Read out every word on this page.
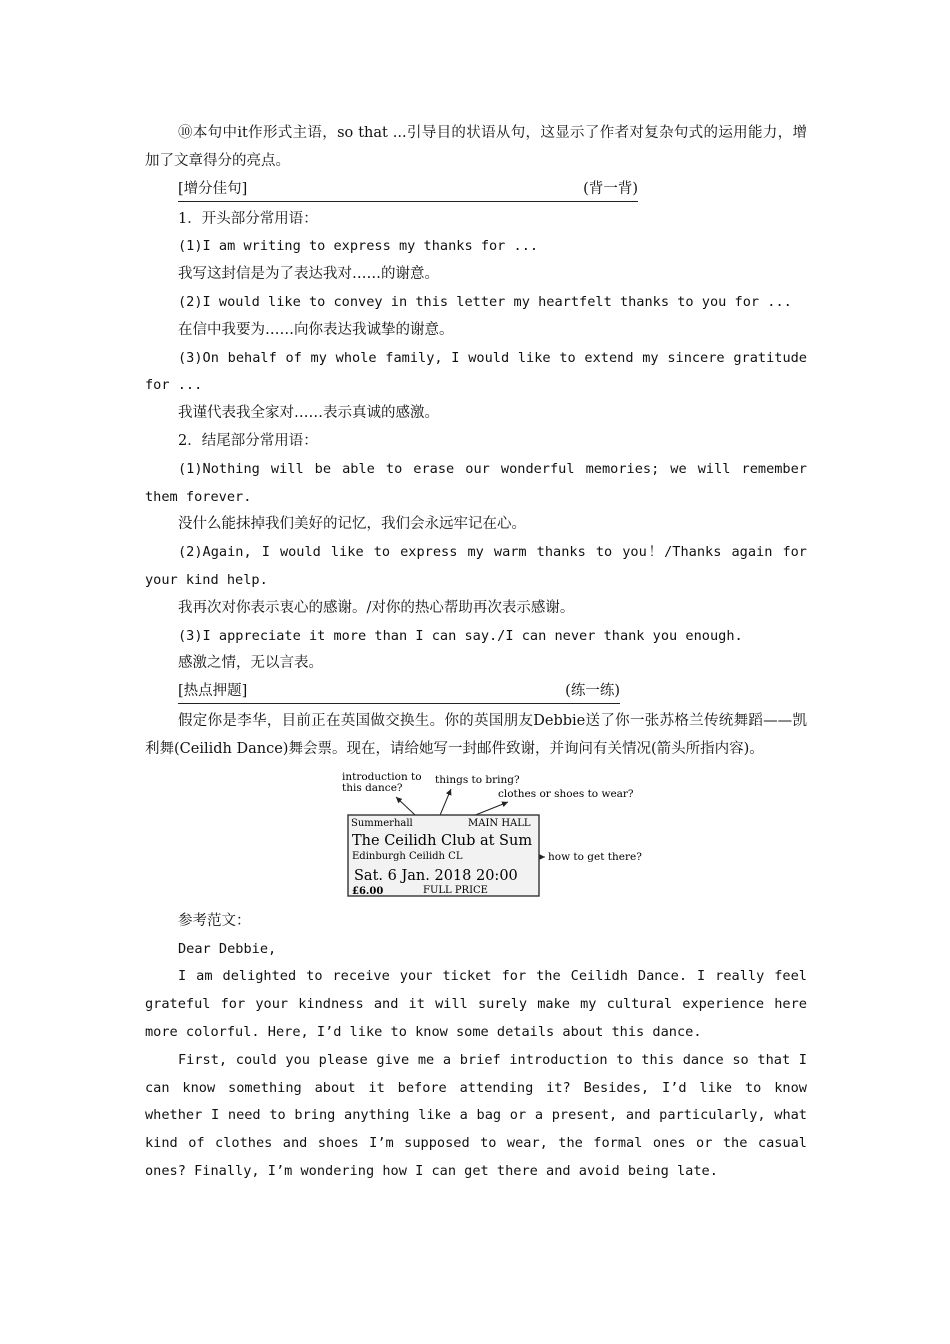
⑩本句中it作形式主语，so that ...引导目的状语从句，这显示了作者对复杂句式的运用能力，增加了文章得分的亮点。

[增分佳句]	(背一背)

1．开头部分常用语：

(1)I am writing to express my thanks for ...

我写这封信是为了表达我对……的谢意。

(2)I would like to convey in this letter my heartfelt thanks to you for ...

在信中我要为……向你表达我诚挚的谢意。

(3)On behalf of my whole family, I would like to extend my sincere gratitude for ...

我谨代表我全家对……表示真诚的感激。

2．结尾部分常用语：

(1)Nothing will be able to erase our wonderful memories; we will remember them forever.

没什么能抹掉我们美好的记忆，我们会永远牢记在心。

(2)Again, I would like to express my warm thanks to you！/Thanks again for your kind help.

我再次对你表示衷心的感谢。/对你的热心帮助再次表示感谢。

(3)I appreciate it more than I can say./I can never thank you enough.

感激之情，无以言表。

[热点押题]	(练一练)

假定你是李华，目前正在英国做交换生。你的英国朋友Debbie送了你一张苏格兰传统舞蹈——凯利舞(Ceilidh Dance)舞会票。现在，请给她写一封邮件致谢，并询问有关情况(箭头所指内容)。

introduction to
this dance?
things to bring?
clothes or shoes to wear?
how to get there?
Summerhall	MAIN HALL
The Ceilidh Club at Sum
Edinburgh Ceilidh CL
Sat. 6 Jan. 2018 20:00
£6.00	FULL PRICE

参考范文：

Dear Debbie,

I am delighted to receive your ticket for the Ceilidh Dance. I really feel grateful for your kindness and it will surely make my cultural experience here more colorful. Here, I’d like to know some details about this dance.

First, could you please give me a brief introduction to this dance so that I can know something about it before attending it? Besides, I’d like to know whether I need to bring anything like a bag or a present, and particularly, what kind of clothes and shoes I’m supposed to wear, the formal ones or the casual ones? Finally, I’m wondering how I can get there and avoid being late.
